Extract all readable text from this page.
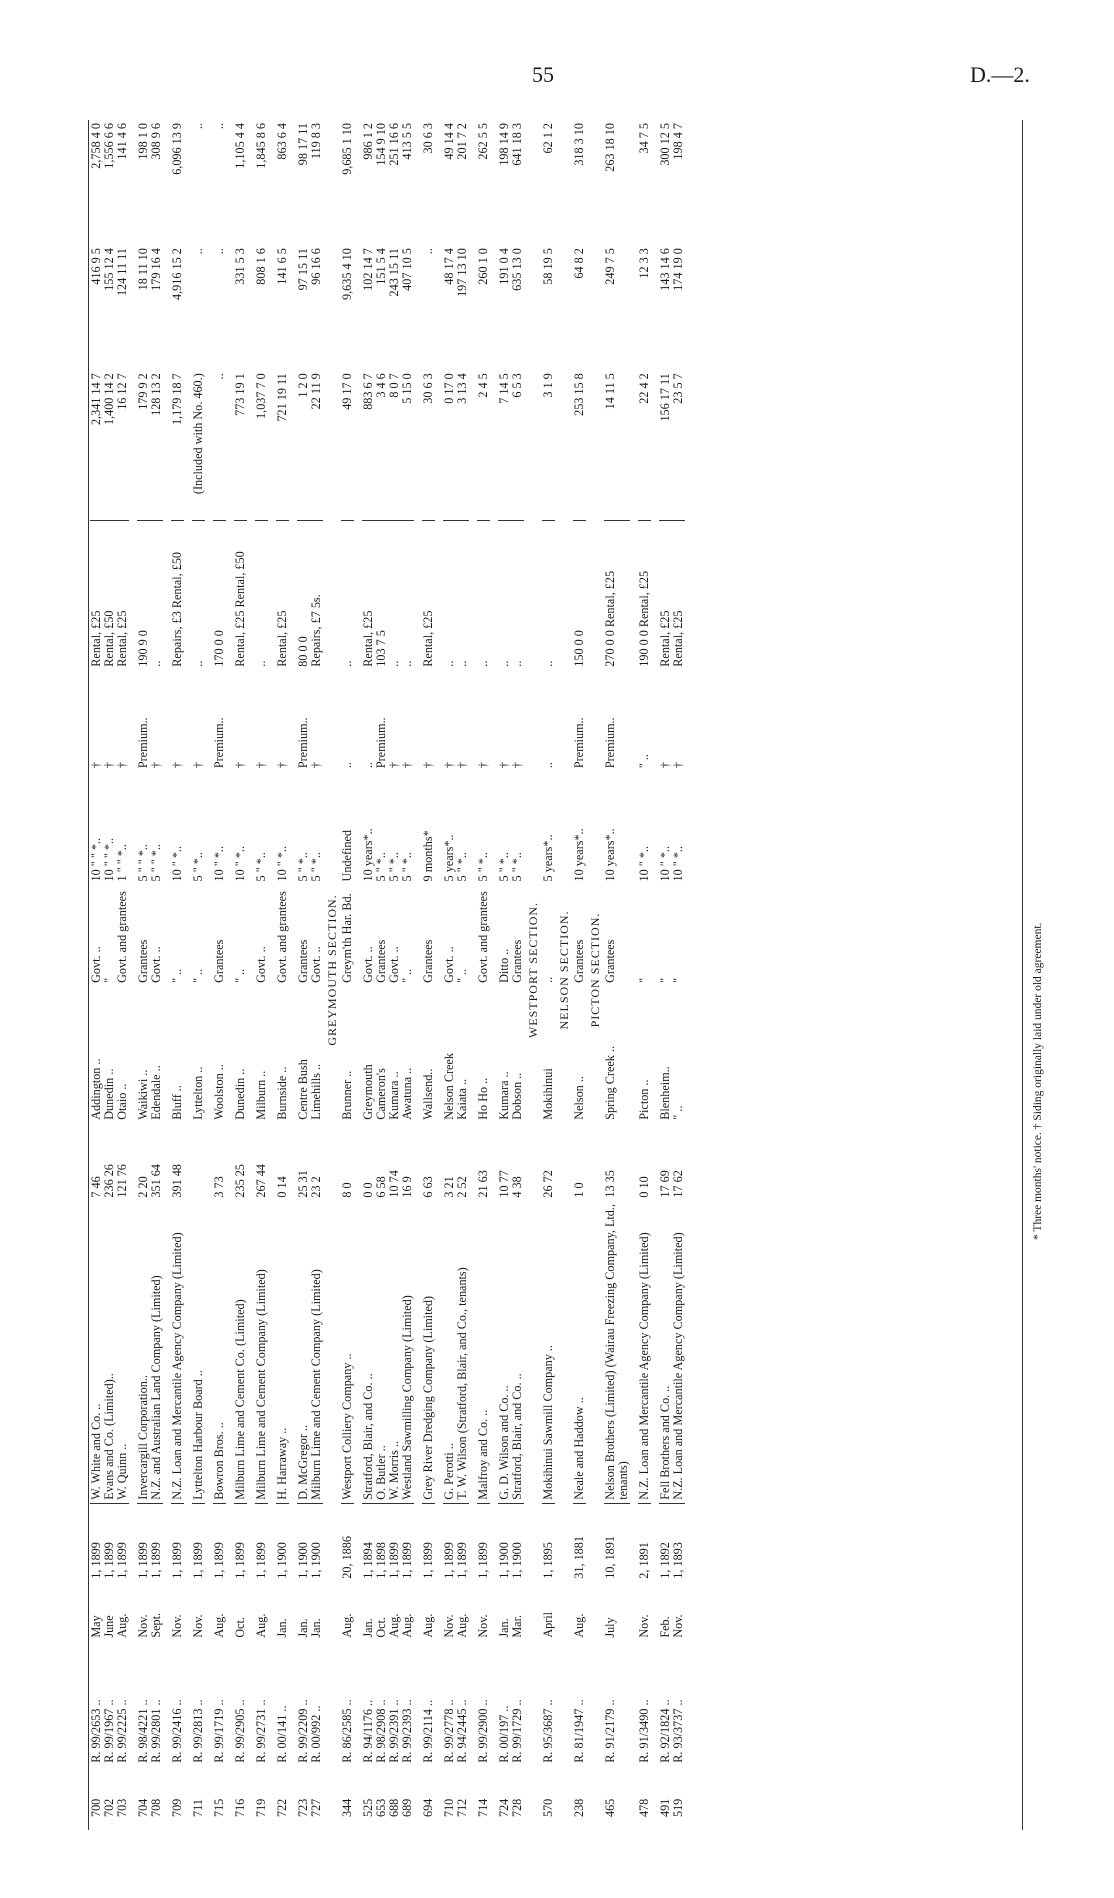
55	D.—2.
700	R. 99/2653 ..	May	1, 1899	W. White and Co. ..	7 46	Addington ..	Govt. ..	10 " " *..	†	Rental, £25	2,341 14 7	416 9 5	2,758 4 0
702	R. 99/1967 ..	June	1, 1899	Evans and Co. (Limited)..	236 26	Dunedin ..	"	10 " " *..	†	Rental, £50	1,400 14 2	155 12 4	1,556 6 6
703	R. 99/2225 ..	Aug.	1, 1899	W. Quinn ..	121 76	Otaio ..	Govt. and grantees	1 " " *..	†	Rental, £25	16 12 7	124 11 11	141 4 6

704	R. 98/4221 ..	Nov.	1, 1899	Invercargill Corporation..	2 20	Waikiwi ..	Grantees	5 " " *..	Premium..	190 9 0	179 9 2	18 11 10	198 1 0
708	R. 99/2801 ..	Sept.	1, 1899	N.Z. and Australian Land Company (Limited)	351 64	Edendale ..	Govt. ..	5 " " *..	†	..	128 13 2	179 16 4	308 9 6

709	R. 99/2416 ..	Nov.	1, 1899	N.Z. Loan and Mercantile Agency Company (Limited)	391 48	Bluff ..	" ..	10 " *..	†	Repairs, £3 Rental, £50	1,179 18 7	4,916 15 2	6,096 13 9

711	R. 99/2813 ..	Nov.	1, 1899	Lyttelton Harbour Board ..		Lyttelton ..	" ..	5 " *..	†	..	(Included with No. 460.)	..	..

715	R. 99/1719 ..	Aug.	1, 1899	Bowron Bros. ..	3 73	Woolston ..	Grantees	10 " *..	Premium..	170 0 0	..	..	..

716	R. 99/2905 ..	Oct.	1, 1899	Milburn Lime and Cement Co. (Limited)	235 25	Dunedin ..	" ..	10 " *..	†	Rental, £25 Rental, £50	773 19 1	331 5 3	1,105 4 4

719	R. 99/2731 ..	Aug.	1, 1899	Milburn Lime and Cement Company (Limited)	267 44	Milburn ..	Govt. ..	5 " *..	†	..	1,037 7 0	808 1 6	1,845 8 6

722	R. 00/141 ..	Jan.	1, 1900	H. Harraway ..	0 14	Burnside ..	Govt. and grantees	10 " *..	†	Rental, £25	721 19 11	141 6 5	863 6 4

723	R. 99/2209 ..	Jan.	1, 1900	D. McGregor ..	25 31	Centre Bush	Grantees	5 " *..	Premium..	80 0 0	1 2 0	97 15 11	98 17 11
727	R. 00/992 ..	Jan.	1, 1900	Milburn Lime and Cement Company (Limited)	23 2	Limehills ..	Govt. ..	5 " *..	†	Repairs, £7 5s.	22 11 9	96 16 6	119 8 3
GREYMOUTH SECTION.													
344	R. 86/2585 ..	Aug.	20, 1886	Westport Colliery Company ..	8 0	Brunner ..	Greym'th Har. Bd.	Undefined	..	..	49 17 0	9,635 4 10	9,685 1 10

525	R. 94/1176 ..	Jan.	1, 1894	Stratford, Blair, and Co. ..	0 0	Greymouth	Govt. ..	10 years*..	..	Rental, £25	883 6 7	102 14 7	986 1 2
653	R. 98/2908 ..	Oct.	1, 1898	O. Butler ..	6 58	Cameron's	Grantees	5 " *..	Premium..	103 7 5	3 4 6	151 5 4	154 9 10
688	R. 99/2391 ..	Aug.	1, 1899	W. Morris ..	10 74	Kumara ..	Govt. ..	5 " *..	†	..	8 0 7	243 15 11	251 16 6
689	R. 99/2393 ..	Aug.	1, 1899	Westland Sawmilling Company (Limited)	16 9	Awatuna ..	" ..	5 " *..	†	..	5 15 0	407 10 5	413 5 5

694	R. 99/2114 ..	Aug.	1, 1899	Grey River Dredging Company (Limited)	6 63	Wallsend..	Grantees	9 months*	†	Rental, £25	30 6 3	..	30 6 3

710	R. 99/2778 ..	Nov.	1, 1899	G. Perotti ..	3 21	Nelson Creek	Govt. ..	5 years*..	†	..	0 17 0	48 17 4	49 14 4
712	R. 94/2445 ..	Aug.	1, 1899	T. W. Wilson (Stratford, Blair, and Co., tenants)	2 52	Kaiata ..	" ..	5 " *..	†	..	3 13 4	197 13 10	201 7 2

714	R. 99/2900 ..	Nov.	1, 1899	Malfroy and Co. ..	21 63	Ho Ho ..	Govt. and grantees	5 " *..	†	..	2 4 5	260 1 0	262 5 5

724	R. 00/197 ..	Jan.	1, 1900	G. D. Wilson and Co. ..	10 77	Kumara ..	Ditto ..	5 " *..	†	..	7 14 5	191 0 4	198 14 9
728	R. 99/1729 ..	Mar.	1, 1900	Stratford, Blair, and Co. ..	4 38	Dobson ..	Grantees	5 " *..	†	..	6 5 3	635 13 0	641 18 3
WESTPORT SECTION.													
570	R. 95/3687 ..	April	1, 1895	Mokihinui Sawmill Company ..	26 72	Mokihinui	..	5 years*..	..	..	3 1 9	58 19 5	62 1 2
NELSON SECTION.													
238	R. 81/1947 ..	Aug.	31, 1881	Neale and Haddow ..	1 0	Nelson ..	Grantees	10 years*..	Premium..	150 0 0	253 15 8	64 8 2	318 3 10
PICTON SECTION.													
465	R. 91/2179 ..	July	10, 1891	Nelson Brothers (Limited) (Wairau Freezing Company, Ltd., tenants)	13 35	Spring Creek ..	Grantees	10 years*..	Premium..	270 0 0 Rental, £25	14 11 5	249 7 5	263 18 10

478	R. 91/3490 ..	Nov.	2, 1891	N.Z. Loan and Mercantile Agency Company (Limited)	0 10	Picton ..	"	10 " *..	" ..	190 0 0 Rental, £25	22 4 2	12 3 3	34 7 5

491	R. 92/1824 ..	Feb.	1, 1892	Fell Brothers and Co. ..	17 69	Blenheim..	"	10 " *..	†	Rental, £25	156 17 11	143 14 6	300 12 5
519	R. 93/3737 ..	Nov.	1, 1893	N.Z. Loan and Mercantile Agency Company (Limited)	17 62	" ..	"	10 " *..	†	Rental, £25	23 5 7	174 19 0	198 4 7
* Three months' notice. † Siding originally laid under old agreement.
